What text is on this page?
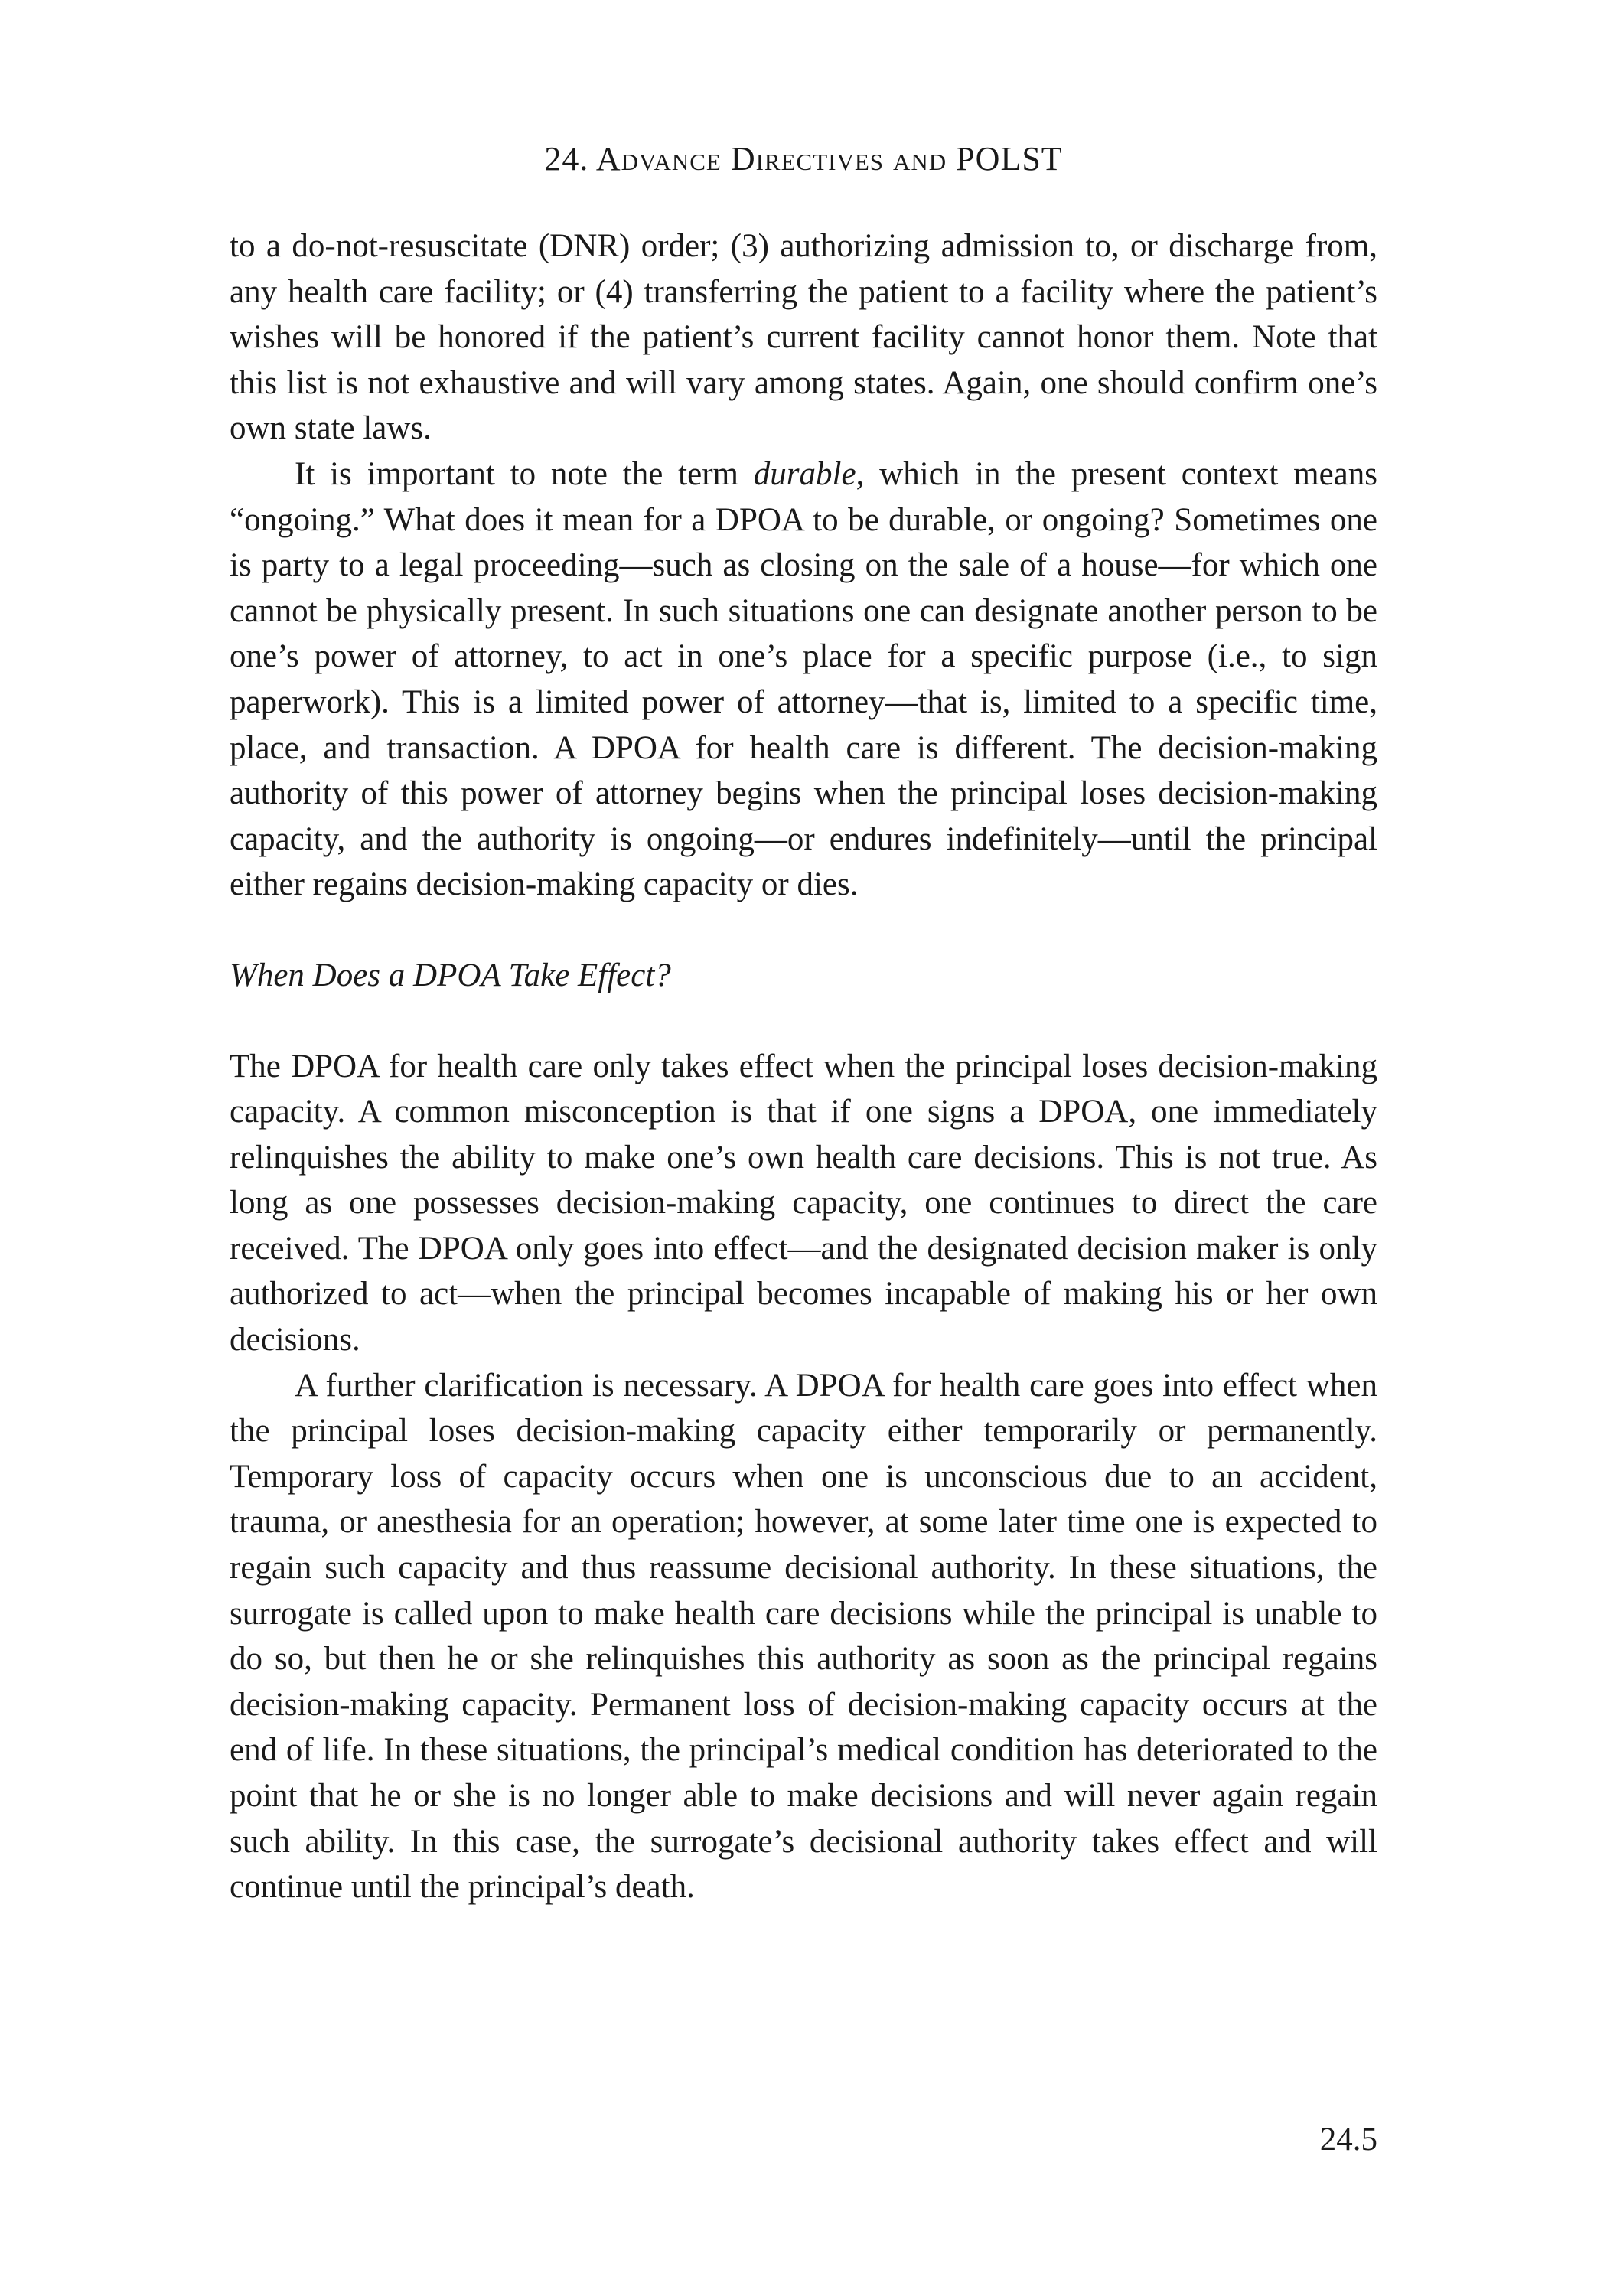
24. Advance Directives and POLST

to a do-not-resuscitate (DNR) order; (3) authorizing admission to, or discharge from, any health care facility; or (4) transferring the patient to a facility where the patient’s wishes will be honored if the patient’s current facility cannot honor them. Note that this list is not exhaustive and will vary among states. Again, one should confirm one’s own state laws.

It is important to note the term durable, which in the present context means “ongoing.” What does it mean for a DPOA to be durable, or ongoing? Sometimes one is party to a legal proceeding—such as closing on the sale of a house—for which one cannot be physically present. In such situations one can designate another person to be one’s power of attorney, to act in one’s place for a specific purpose (i.e., to sign paperwork). This is a limited power of attorney—that is, limited to a specific time, place, and transaction. A DPOA for health care is different. The decision-making authority of this power of attorney begins when the principal loses decision-making capacity, and the authority is ongoing—or endures indefinitely—until the principal either regains decision-making capacity or dies.

When Does a DPOA Take Effect?

The DPOA for health care only takes effect when the principal loses decision-making capacity. A common misconception is that if one signs a DPOA, one immediately relinquishes the ability to make one’s own health care decisions. This is not true. As long as one possesses decision-making capacity, one continues to direct the care received. The DPOA only goes into effect—and the designated decision maker is only authorized to act—when the principal becomes incapable of making his or her own decisions.

A further clarification is necessary. A DPOA for health care goes into effect when the principal loses decision-making capacity either temporarily or permanently. Temporary loss of capacity occurs when one is unconscious due to an accident, trauma, or anesthesia for an operation; however, at some later time one is expected to regain such capacity and thus reassume decisional authority. In these situations, the surrogate is called upon to make health care decisions while the principal is unable to do so, but then he or she relinquishes this authority as soon as the principal regains decision-making capacity. Permanent loss of decision-making capacity occurs at the end of life. In these situations, the principal’s medical condition has deteriorated to the point that he or she is no longer able to make decisions and will never again regain such ability. In this case, the surrogate’s decisional authority takes effect and will continue until the principal’s death.

24.5
